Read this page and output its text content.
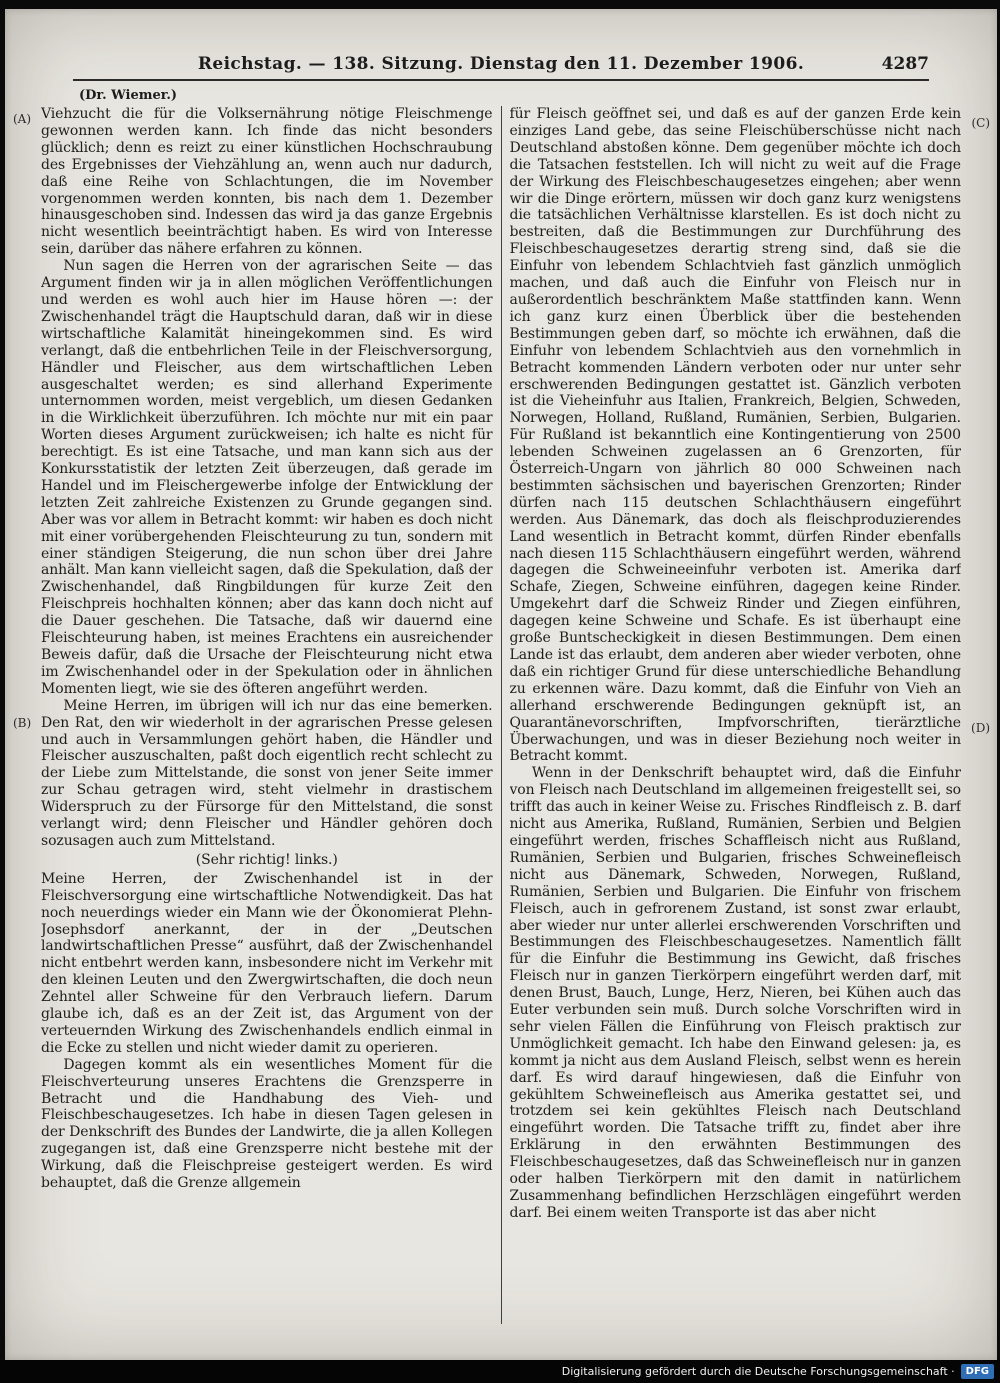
Reichstag. — 138. Sitzung. Dienstag den 11. Dezember 1906.	4287
(Dr. Wiemer.)
(A)
(B)

Viehzucht die für die Volksernährung nötige Fleischmenge gewonnen werden kann. Ich finde das nicht besonders glücklich; denn es reizt zu einer künstlichen Hochschraubung des Ergebnisses der Viehzählung an, wenn auch nur dadurch, daß eine Reihe von Schlachtungen, die im November vorgenommen werden konnten, bis nach dem 1. Dezember hinausgeschoben sind. Indessen das wird ja das ganze Ergebnis nicht wesentlich beeinträchtigt haben. Es wird von Interesse sein, darüber das nähere erfahren zu können.

Nun sagen die Herren von der agrarischen Seite — das Argument finden wir ja in allen möglichen Veröffentlichungen und werden es wohl auch hier im Hause hören —: der Zwischenhandel trägt die Hauptschuld daran, daß wir in diese wirtschaftliche Kalamität hineingekommen sind. Es wird verlangt, daß die entbehrlichen Teile in der Fleischversorgung, Händler und Fleischer, aus dem wirtschaftlichen Leben ausgeschaltet werden; es sind allerhand Experimente unternommen worden, meist vergeblich, um diesen Gedanken in die Wirklichkeit überzuführen. Ich möchte nur mit ein paar Worten dieses Argument zurückweisen; ich halte es nicht für berechtigt. Es ist eine Tatsache, und man kann sich aus der Konkursstatistik der letzten Zeit überzeugen, daß gerade im Handel und im Fleischergewerbe infolge der Entwicklung der letzten Zeit zahlreiche Existenzen zu Grunde gegangen sind. Aber was vor allem in Betracht kommt: wir haben es doch nicht mit einer vorübergehenden Fleischteurung zu tun, sondern mit einer ständigen Steigerung, die nun schon über drei Jahre anhält. Man kann vielleicht sagen, daß die Spekulation, daß der Zwischenhandel, daß Ringbildungen für kurze Zeit den Fleischpreis hochhalten können; aber das kann doch nicht auf die Dauer geschehen. Die Tatsache, daß wir dauernd eine Fleischteurung haben, ist meines Erachtens ein ausreichender Beweis dafür, daß die Ursache der Fleischteurung nicht etwa im Zwischenhandel oder in der Spekulation oder in ähnlichen Momenten liegt, wie sie des öfteren angeführt werden.

Meine Herren, im übrigen will ich nur das eine bemerken. Den Rat, den wir wiederholt in der agrarischen Presse gelesen und auch in Versammlungen gehört haben, die Händler und Fleischer auszuschalten, paßt doch eigentlich recht schlecht zu der Liebe zum Mittelstande, die sonst von jener Seite immer zur Schau getragen wird, steht vielmehr in drastischem Widerspruch zu der Fürsorge für den Mittelstand, die sonst verlangt wird; denn Fleischer und Händler gehören doch sozusagen auch zum Mittelstand.

(Sehr richtig! links.)

Meine Herren, der Zwischenhandel ist in der Fleischversorgung eine wirtschaftliche Notwendigkeit. Das hat noch neuerdings wieder ein Mann wie der Ökonomierat Plehn-Josephsdorf anerkannt, der in der „Deutschen landwirtschaftlichen Presse“ ausführt, daß der Zwischenhandel nicht entbehrt werden kann, insbesondere nicht im Verkehr mit den kleinen Leuten und den Zwergwirtschaften, die doch neun Zehntel aller Schweine für den Verbrauch liefern. Darum glaube ich, daß es an der Zeit ist, das Argument von der verteuernden Wirkung des Zwischenhandels endlich einmal in die Ecke zu stellen und nicht wieder damit zu operieren.

Dagegen kommt als ein wesentliches Moment für die Fleischverteurung unseres Erachtens die Grenzsperre in Betracht und die Handhabung des Vieh- und Fleischbeschaugesetzes. Ich habe in diesen Tagen gelesen in der Denkschrift des Bundes der Landwirte, die ja allen Kollegen zugegangen ist, daß eine Grenzsperre nicht bestehe mit der Wirkung, daß die Fleischpreise gesteigert werden. Es wird behauptet, daß die Grenze allgemein

für Fleisch geöffnet sei, und daß es auf der ganzen Erde kein einziges Land gebe, das seine Fleischüberschüsse nicht nach Deutschland abstoßen könne. Dem gegenüber möchte ich doch die Tatsachen feststellen. Ich will nicht zu weit auf die Frage der Wirkung des Fleischbeschaugesetzes eingehen; aber wenn wir die Dinge erörtern, müssen wir doch ganz kurz wenigstens die tatsächlichen Verhältnisse klarstellen. Es ist doch nicht zu bestreiten, daß die Bestimmungen zur Durchführung des Fleischbeschaugesetzes derartig streng sind, daß sie die Einfuhr von lebendem Schlachtvieh fast gänzlich unmöglich machen, und daß auch die Einfuhr von Fleisch nur in außerordentlich beschränktem Maße stattfinden kann. Wenn ich ganz kurz einen Überblick über die bestehenden Bestimmungen geben darf, so möchte ich erwähnen, daß die Einfuhr von lebendem Schlachtvieh aus den vornehmlich in Betracht kommenden Ländern verboten oder nur unter sehr erschwerenden Bedingungen gestattet ist. Gänzlich verboten ist die Vieheinfuhr aus Italien, Frankreich, Belgien, Schweden, Norwegen, Holland, Rußland, Rumänien, Serbien, Bulgarien. Für Rußland ist bekanntlich eine Kontingentierung von 2500 lebenden Schweinen zugelassen an 6 Grenzorten, für Österreich-Ungarn von jährlich 80 000 Schweinen nach bestimmten sächsischen und bayerischen Grenzorten; Rinder dürfen nach 115 deutschen Schlachthäusern eingeführt werden. Aus Dänemark, das doch als fleischproduzierendes Land wesentlich in Betracht kommt, dürfen Rinder ebenfalls nach diesen 115 Schlachthäusern eingeführt werden, während dagegen die Schweineeinfuhr verboten ist. Amerika darf Schafe, Ziegen, Schweine einführen, dagegen keine Rinder. Umgekehrt darf die Schweiz Rinder und Ziegen einführen, dagegen keine Schweine und Schafe. Es ist überhaupt eine große Buntscheckigkeit in diesen Bestimmungen. Dem einen Lande ist das erlaubt, dem anderen aber wieder verboten, ohne daß ein richtiger Grund für diese unterschiedliche Behandlung zu erkennen wäre. Dazu kommt, daß die Einfuhr von Vieh an allerhand erschwerende Bedingungen geknüpft ist, an Quarantänevorschriften, Impfvorschriften, tierärztliche Überwachungen, und was in dieser Beziehung noch weiter in Betracht kommt.

Wenn in der Denkschrift behauptet wird, daß die Einfuhr von Fleisch nach Deutschland im allgemeinen freigestellt sei, so trifft das auch in keiner Weise zu. Frisches Rindfleisch z. B. darf nicht aus Amerika, Rußland, Rumänien, Serbien und Belgien eingeführt werden, frisches Schaffleisch nicht aus Rußland, Rumänien, Serbien und Bulgarien, frisches Schweinefleisch nicht aus Dänemark, Schweden, Norwegen, Rußland, Rumänien, Serbien und Bulgarien. Die Einfuhr von frischem Fleisch, auch in gefrorenem Zustand, ist sonst zwar erlaubt, aber wieder nur unter allerlei erschwerenden Vorschriften und Bestimmungen des Fleischbeschaugesetzes. Namentlich fällt für die Einfuhr die Bestimmung ins Gewicht, daß frisches Fleisch nur in ganzen Tierkörpern eingeführt werden darf, mit denen Brust, Bauch, Lunge, Herz, Nieren, bei Kühen auch das Euter verbunden sein muß. Durch solche Vorschriften wird in sehr vielen Fällen die Einführung von Fleisch praktisch zur Unmöglichkeit gemacht. Ich habe den Einwand gelesen: ja, es kommt ja nicht aus dem Ausland Fleisch, selbst wenn es herein darf. Es wird darauf hingewiesen, daß die Einfuhr von gekühltem Schweinefleisch aus Amerika gestattet sei, und trotzdem sei kein gekühltes Fleisch nach Deutschland eingeführt worden. Die Tatsache trifft zu, findet aber ihre Erklärung in den erwähnten Bestimmungen des Fleischbeschaugesetzes, daß das Schweinefleisch nur in ganzen oder halben Tierkörpern mit den damit in natürlichem Zusammenhang befindlichen Herzschlägen eingeführt werden darf. Bei einem weiten Transporte ist das aber nicht

(C)
(D)
Digitalisierung gefördert durch die Deutsche Forschungsgemeinschaft ·	DFG
